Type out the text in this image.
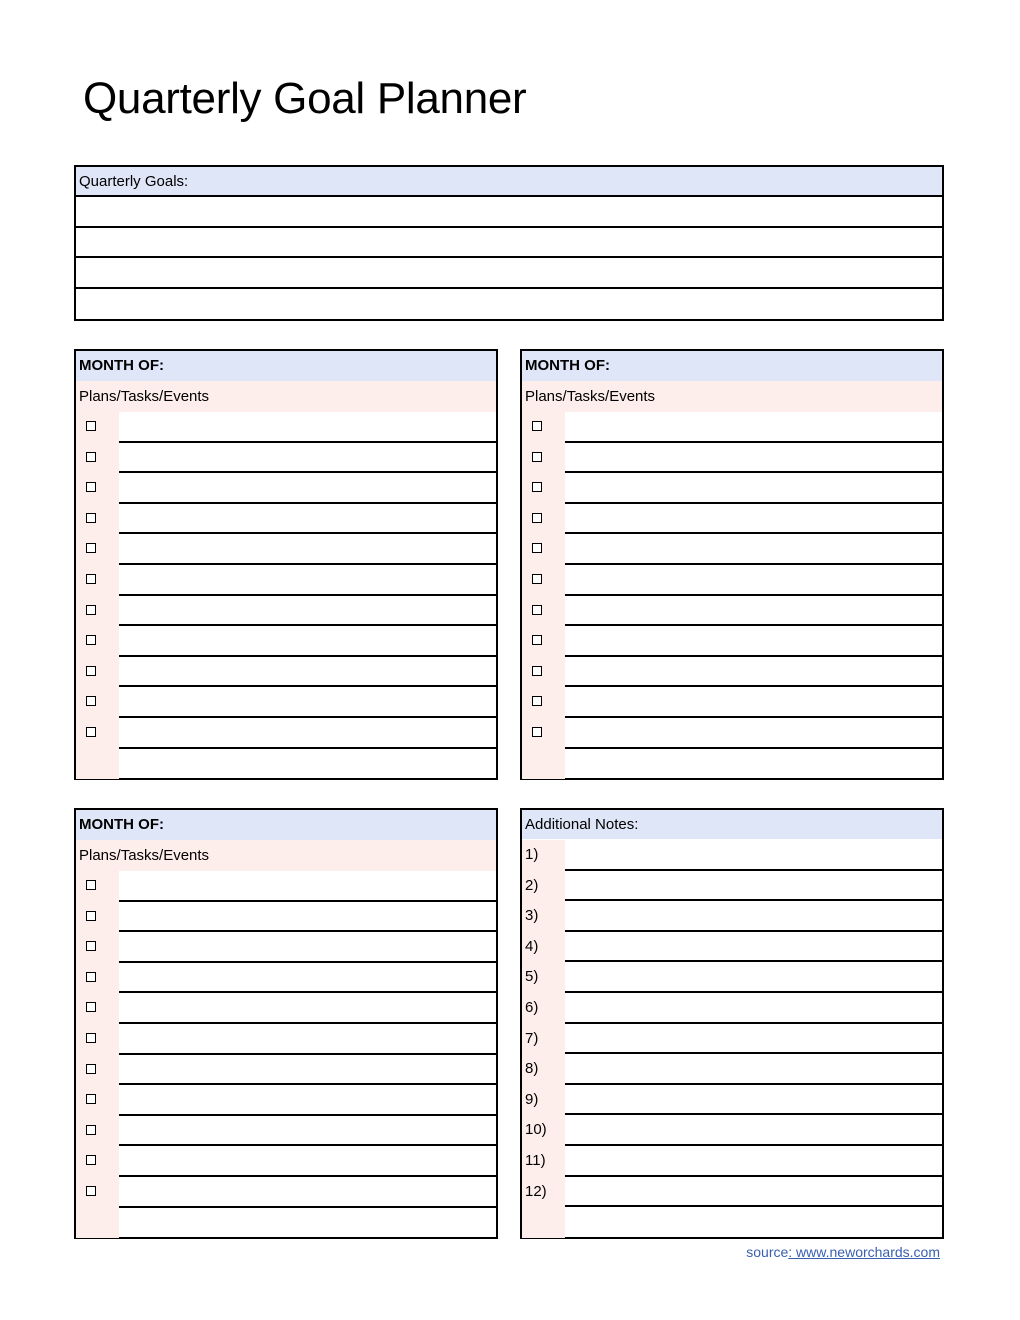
Quarterly Goal Planner
Quarterly Goals:
MONTH OF:
Plans/Tasks/Events
MONTH OF:
Plans/Tasks/Events
MONTH OF:
Plans/Tasks/Events
Additional Notes:
1)
2)
3)
4)
5)
6)
7)
8)
9)
10)
11)
12)
source: www.neworchards.com
